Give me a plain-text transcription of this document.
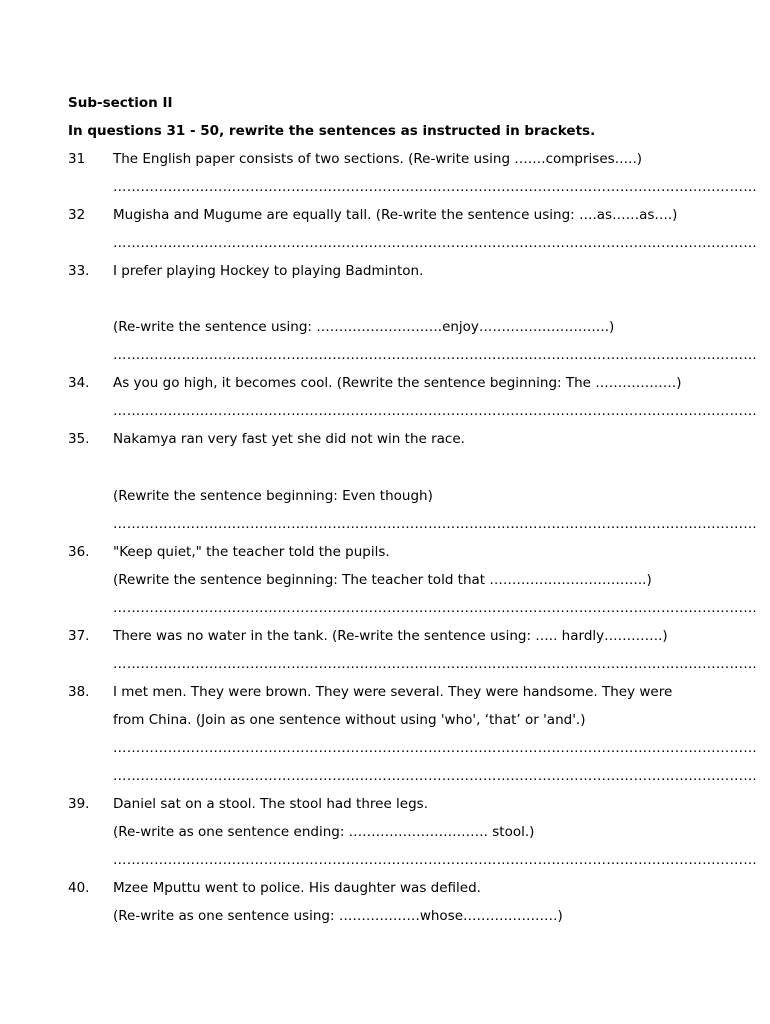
Sub-section II
In questions 31 - 50, rewrite the sentences as instructed in brackets.
31 The English paper consists of two sections. (Re-write using …….comprises…..)
……………………………………………………………………………………………………………………………
32 Mugisha and Mugume are equally tall. (Re-write the sentence using: ….as……as….)
……………………………………………………………………………………………………………………………
33. I prefer playing Hockey to playing Badminton.
(Re-write the sentence using: ……………………….enjoy…………………….….)
……………………………………………………………………………………………………………………………
34. As you go high, it becomes cool. (Rewrite the sentence beginning: The ………………)
……………………………………………………………………………………………………………………………
35. Nakamya ran very fast yet she did not win the race.
(Rewrite the sentence beginning: Even though)
……………………………………………………………………………………………………………………………
36. "Keep quiet," the teacher told the pupils.
(Rewrite the sentence beginning: The teacher told that ……………………………..)
……………………………………………………………………………………………………………………………
37. There was no water in the tank. (Re-write the sentence using: ….. hardly………….)
……………………………………………………………………………………………………………………………
38. I met men. They were brown. They were several. They were handsome. They were
from China. (Join as one sentence without using 'who', ‘that’ or 'and'.)
……………………………………………………………………………………………………………………………
……………………………………………………………………………………………………………………………
39. Daniel sat on a stool. The stool had three legs.
(Re-write as one sentence ending: …………………………. stool.)
……………………………………………………………………………………………………………………………
40. Mzee Mputtu went to police. His daughter was defiled.
(Re-write as one sentence using: ………………whose…………………)
